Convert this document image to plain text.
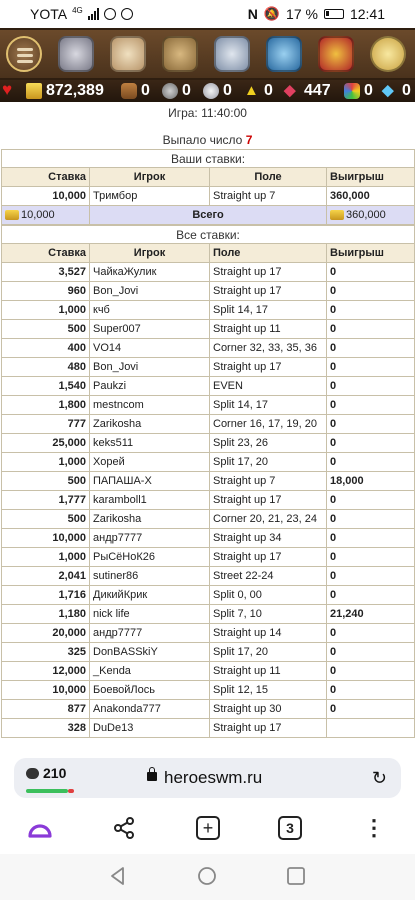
YOTA 4G	N 🔕 17 % 12:41
♥	872,389 0 0 0 ▲ 0 ◆ 447 0 ◆ 0
Игра: 11:40:00
Выпало число 7
Ваши ставки:			
Ставка	Игрок	Поле	Выигрыш
10,000	Тримбор	Straight up 7	360,000
10,000	Всего		360,000
Все ставки:			
Ставка	Игрок	Поле	Выигрыш
3,527	ЧайкаЖулик	Straight up 17	0
960	Bon_Jovi	Straight up 17	0
1,000	кчб	Split 14, 17	0
500	Super007	Straight up 11	0
400	VO14	Corner 32, 33, 35, 36	0
480	Bon_Jovi	Straight up 17	0
1,540	Paukzi	EVEN	0
1,800	mestncom	Split 14, 17	0
777	Zarikosha	Corner 16, 17, 19, 20	0
25,000	keks511	Split 23, 26	0
1,000	Хорей	Split 17, 20	0
500	ПАПАША-Х	Straight up 7	18,000
1,777	karamboll1	Straight up 17	0
500	Zarikosha	Corner 20, 21, 23, 24	0
10,000	андр7777	Straight up 34	0
1,000	РыСёНоК26	Straight up 17	0
2,041	sutiner86	Street 22-24	0
1,716	ДикийКрик	Split 0, 00	0
1,180	nick life	Split 7, 10	21,240
20,000	андр7777	Straight up 14	0
325	DonBASSkiY	Split 17, 20	0
12,000	_Kenda	Straight up 11	0
10,000	БоевойЛось	Split 12, 15	0
877	Anakonda777	Straight up 30	0
328	DuDe13	Straight up 17	
210	heroeswm.ru	↻
+	3	⋮
